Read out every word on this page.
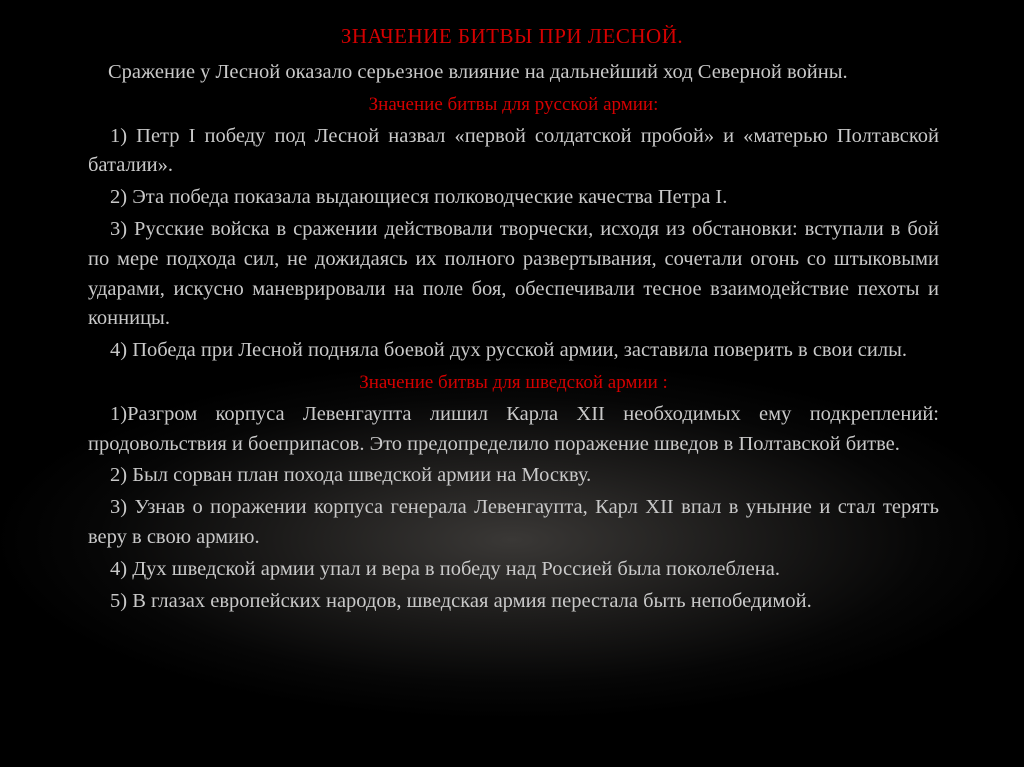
ЗНАЧЕНИЕ БИТВЫ ПРИ ЛЕСНОЙ.

Сражение у Лесной оказало серьезное влияние на дальнейший ход Северной войны.

Значение битвы для русской армии:

1) Петр I победу под Лесной назвал «первой солдатской пробой» и «матерью Полтавской баталии».

2) Эта победа показала выдающиеся полководческие качества Петра I.

3) Русские войска в сражении действовали творчески, исходя из обстановки: вступали в бой по мере подхода сил, не дожидаясь их полного развертывания, сочетали огонь со штыковыми ударами, искусно маневрировали на поле боя, обеспечивали тесное взаимодействие пехоты и конницы.

4) Победа при Лесной подняла боевой дух русской армии, заставила поверить в свои силы.

Значение битвы для шведской армии :

1)Разгром корпуса Левенгаупта лишил Карла XII необходимых ему подкреплений: продовольствия и боеприпасов. Это предопределило поражение шведов в Полтавской битве.

2) Был сорван план похода шведской армии на Москву.

3) Узнав о поражении корпуса генерала Левенгаупта, Карл XII впал в уныние и стал терять веру в свою армию.

4) Дух шведской армии упал и вера в победу над Россией была поколеблена.

5) В глазах европейских народов, шведская армия перестала быть непобедимой.
